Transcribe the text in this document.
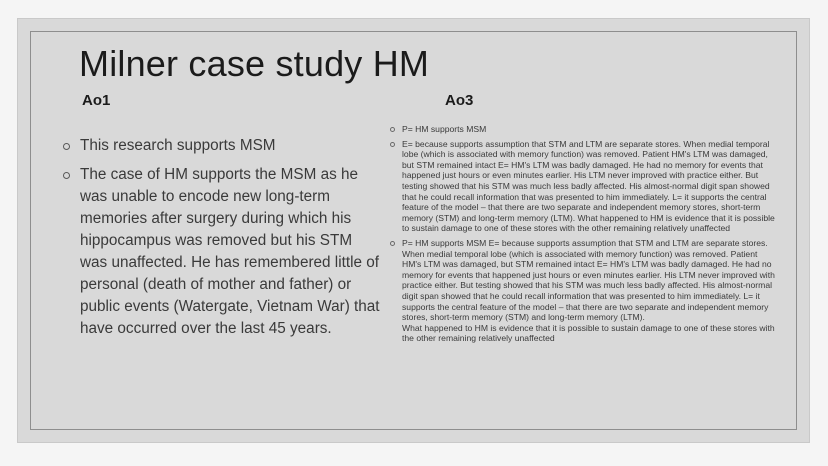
Milner case study HM
Ao1	Ao3
This research supports MSM
The case of HM supports the MSM as he was unable to encode new long-term memories after surgery during which his hippocampus was removed but his STM was unaffected. He has remembered little of personal (death of mother and father) or public events (Watergate, Vietnam War) that have occurred over the last 45 years.
P= HM supports MSM
E= because supports assumption that STM and LTM are separate stores. When medial temporal lobe (which is associated with memory function) was removed. Patient HM's LTM was damaged, but STM remained intact E= HM's LTM was badly damaged. He had no memory for events that happened just hours or even minutes earlier. His LTM never improved with practice either. But testing showed that his STM was much less badly affected. His almost-normal digit span showed that he could recall information that was presented to him immediately. L= it supports the central feature of the model – that there are two separate and independent memory stores, short-term memory (STM) and long-term memory (LTM). What happened to HM is evidence that it is possible to sustain damage to one of these stores with the other remaining relatively unaffected
P= HM supports MSM E= because supports assumption that STM and LTM are separate stores. When medial temporal lobe (which is associated with memory function) was removed. Patient HM's LTM was damaged, but STM remained intact E= HM's LTM was badly damaged. He had no memory for events that happened just hours or even minutes earlier. His LTM never improved with practice either. But testing showed that his STM was much less badly affected. His almost-normal digit span showed that he could recall information that was presented to him immediately. L= it supports the central feature of the model – that there are two separate and independent memory stores, short-term memory (STM) and long-term memory (LTM).
What happened to HM is evidence that it is possible to sustain damage to one of these stores with the other remaining relatively unaffected
